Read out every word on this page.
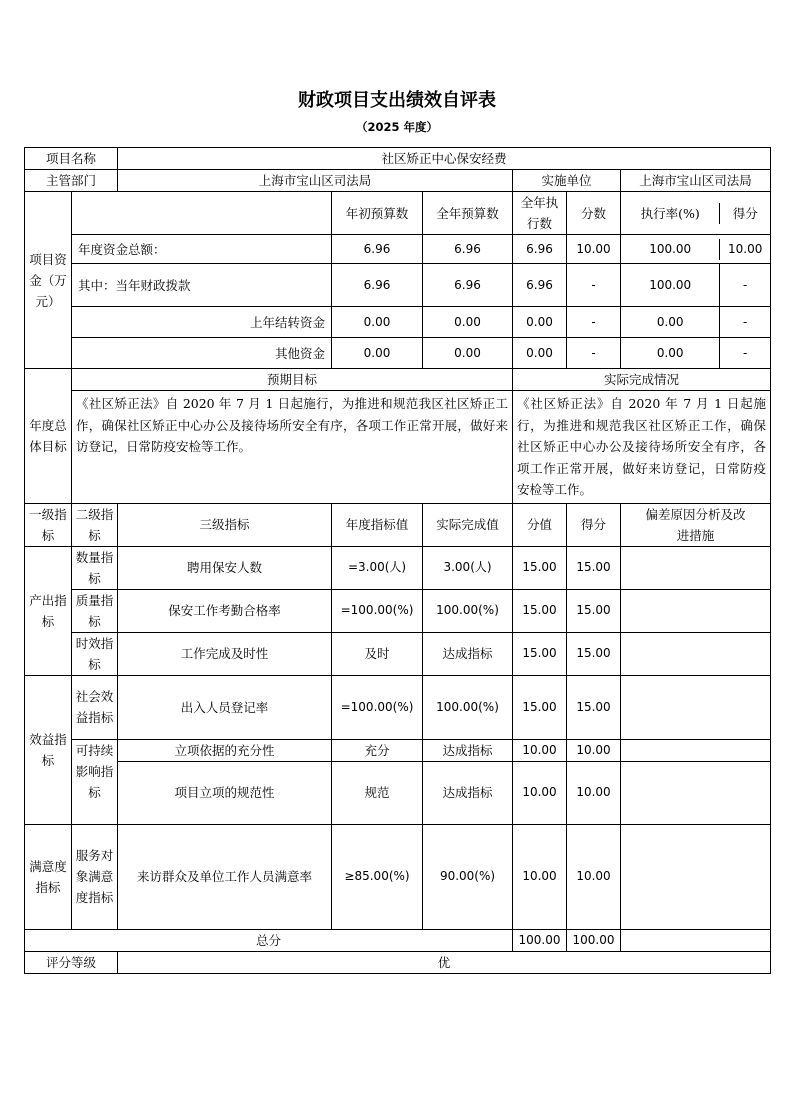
财政项目支出绩效自评表
（2025 年度）
项目名称	社区矫正中心保安经费
主管部门	上海市宝山区司法局	实施单位	上海市宝山区司法局
项目资金（万元）		年初预算数	全年预算数	全年执行数	分数		执行率(%)	得分

年度资金总额：	6.96	6.96	6.96	10.00		100.00	10.00

其中：当年财政拨款	6.96	6.96	6.96	-		100.00	-

上年结转资金	0.00	0.00	0.00	-		0.00	-

其他资金	0.00	0.00	0.00	-		0.00	-

年度总体目标	预期目标	实际完成情况
《社区矫正法》自 2020 年 7 月 1 日起施行，为推进和规范我区社区矫正工作，确保社区矫正中心办公及接待场所安全有序，各项工作正常开展，做好来访登记，日常防疫安检等工作。	《社区矫正法》自 2020 年 7 月 1 日起施行，为推进和规范我区社区矫正工作，确保社区矫正中心办公及接待场所安全有序，各项工作正常开展，做好来访登记，日常防疫安检等工作。
一级指标	二级指标	三级指标	年度指标值	实际完成值	分值	得分	偏差原因分析及改进措施
产出指标	数量指标	聘用保安人数	=3.00(人)	3.00(人)	15.00	15.00	
质量指标	保安工作考勤合格率	=100.00(%)	100.00(%)	15.00	15.00	
时效指标	工作完成及时性	及时	达成指标	15.00	15.00	
效益指标	社会效益指标	出入人员登记率	=100.00(%)	100.00(%)	15.00	15.00	
可持续影响指标	立项依据的充分性	充分	达成指标	10.00	10.00	
项目立项的规范性	规范	达成指标	10.00	10.00	
满意度指标	服务对象满意度指标	来访群众及单位工作人员满意率	≥85.00(%)	90.00(%)	10.00	10.00	
总分	100.00	100.00	
评分等级	优
